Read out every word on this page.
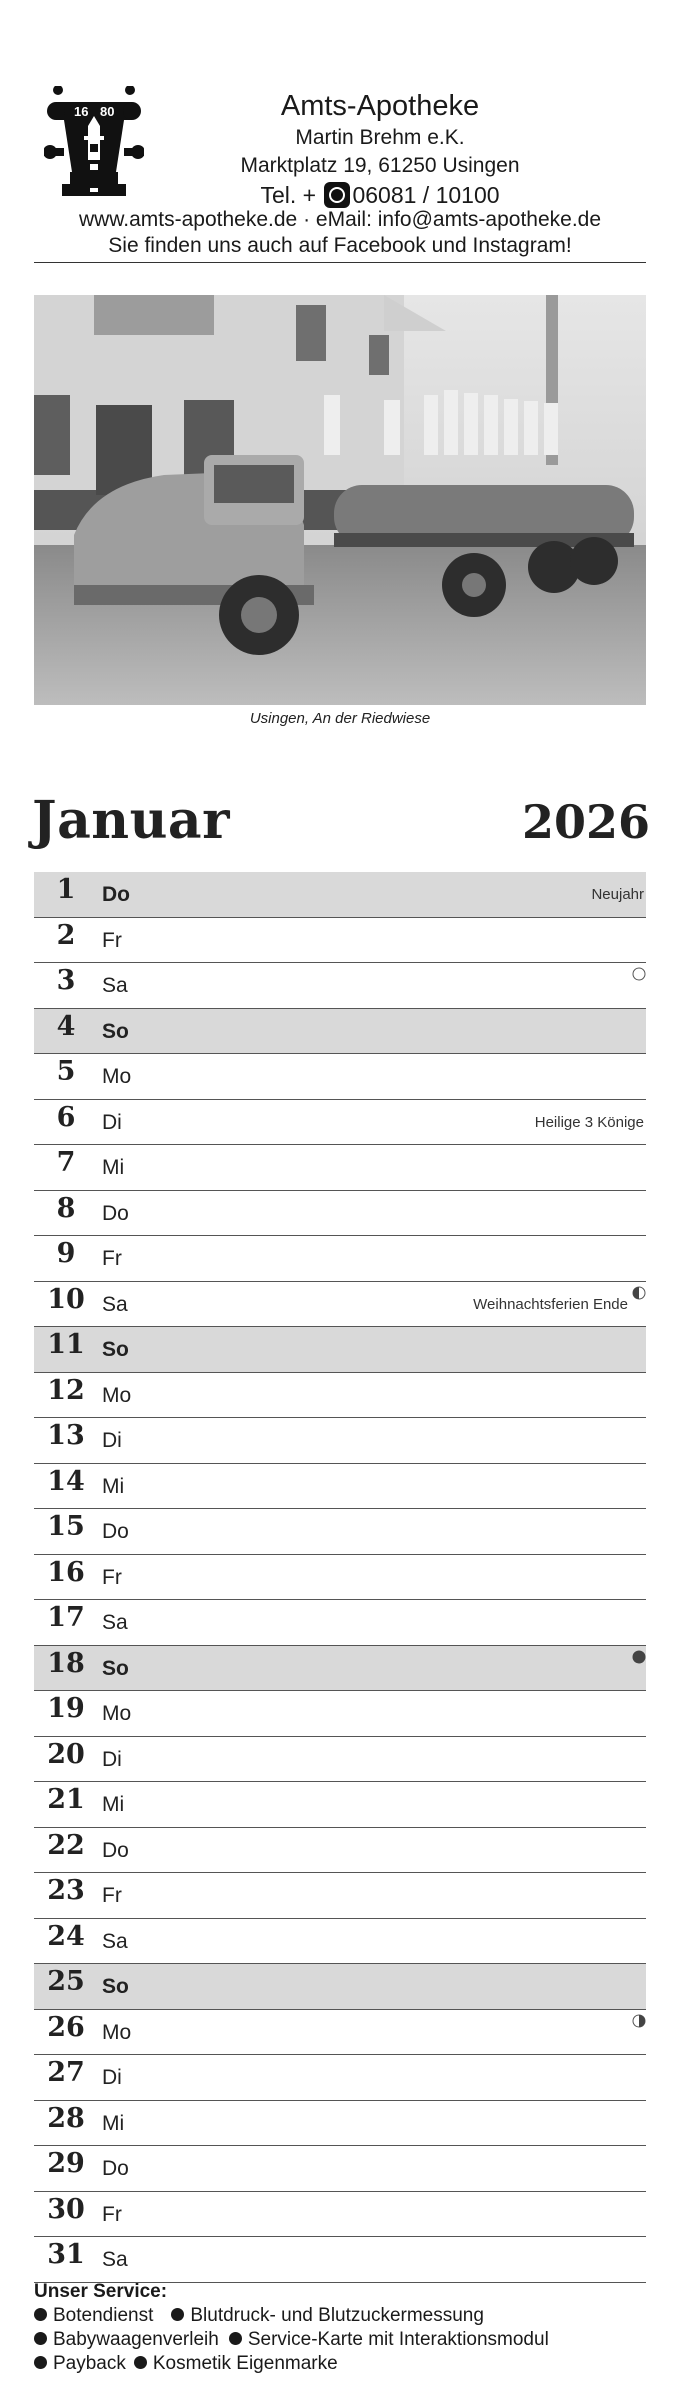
16 80	Amts-Apotheke
Martin Brehm e.K.
Marktplatz 19, 61250 Usingen
Tel. + 06081 / 10100
www.amts-apotheke.de · eMail: info@amts-apotheke.de
Sie finden uns auch auf Facebook und Instagram!
Usingen, An der Riedwiese
Januar	2026
1	Do	Neujahr
2	Fr
3	Sa
4	So
5	Mo
6	Di	Heilige 3 Könige
7	Mi
8	Do
9	Fr
10 Sa	Weihnachtsferien Ende
11 So
12 Mo
13 Di
14 Mi
15 Do
16 Fr
17 Sa
18 So
19 Mo
20 Di
21 Mi
22 Do
23 Fr
24 Sa
25 So
26 Mo
27 Di
28 Mi
29 Do
30 Fr
31 Sa
Unser Service:
Botendienst Blutdruck- und Blutzuckermessung
Babywaagenverleih Service-Karte mit Interaktionsmodul
Payback Kosmetik Eigenmarke
